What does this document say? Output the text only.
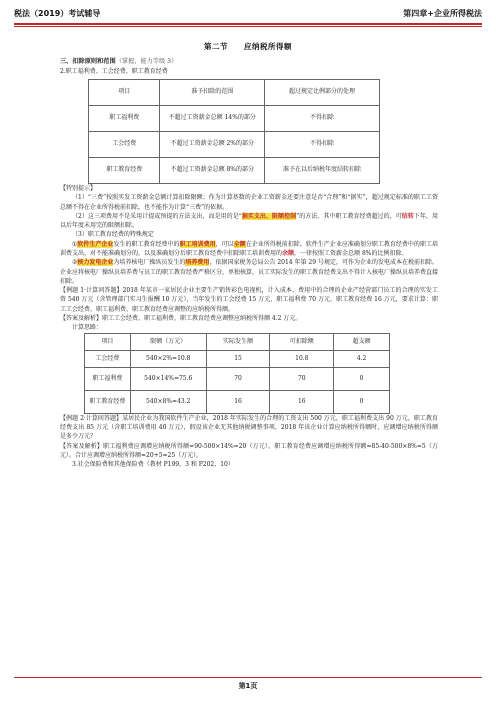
税法（2019）考试辅导	第四章+企业所得税法
第二节　　应纳税所得额
三、扣除原则和范围（掌握，能力等级 3）
2.职工福利费、工会经费、职工教育经费
项目	准予扣除的范围	超过规定比例部分的处理
职工福利费	不超过工资薪金总额 14%的部分	不得扣除
工会经费	不超过工资薪金总额 2%的部分	不得扣除
职工教育经费	不超过工资薪金总额 8%的部分	准予在以后纳税年度结转扣除

【特别提示】

（1）“三费”按照实发工资薪金总额计算扣除限额；作为计算基数的企业工资薪金还要注意是否“合理”和“据实”，超过规定标准的职工工资总额不得在企业所得税前扣除，也不能作为计算“三费”的依据。

（2）这三项费用不是采用计提或预提的方法支出，而是用的是“据实支出、限额控制”的方法。其中职工教育经费超过的，可结转下年，用以后年度未用完的限额扣除。

（3）职工教育经费的特殊规定

①软件生产企业发生的职工教育经费中的职工培训费用，可以全额在企业所得税前扣除。软件生产企业应准确划分职工教育经费中的职工培训费支出，对不能准确划分的，以及准确划分后职工教育经费中扣除职工培训费用的余额，一律按照工资薪金总额 8%的比例扣除。

②核力发电企业为培养核电厂操纵员发生的培养费用，依据国家税务总局公告 2014 年第 29 号规定，可作为企业的发电成本在税前扣除。企业应将核电厂操纵员培养费与员工的职工教育经费严格区分，单独核算，员工实际发生的职工教育经费支出不得计入核电厂操纵员培养费直接扣除。

【例题 1·计算问答题】2018 年某市一家居民企业主要生产销售彩色电视机，计入成本、费用中的合理的企业产经营部门员工的合理的实发工资 540 万元（含管理部门实习生报酬 10 万元），当年发生的工会经费 15 万元、职工福利费 70 万元、职工教育经费 16 万元，要求计算：职工工会经费、职工福利费、职工教育经费应调整的应纳税所得额。

【答案及解析】职工工会经费、职工福利费、职工教育经费应调整应纳税所得额 4.2 万元。

计算思路：

项目	限额（万元）	实际发生额	可扣除额	超支额
工会经费	540×2%=10.8	15	10.8	4.2
职工福利费	540×14%=75.6	70	70	0
职工教育经费	540×8%=43.2	16	16	0

【例题 2·计算问答题】某居民企业为我国软件生产企业，2018 年实际发生的合理的工资支出 500 万元，职工福利费支出 90 万元，职工教育经费支出 85 万元（含职工培训费用 40 万元），假设该企业无其他纳税调整事项，2018 年该企业计算应纳税所得额时，应调增应纳税所得额是多少万元？

【答案及解析】职工福利费应调增应纳税所得额=90-500×14%=20（万元）。职工教育经费应调增应纳税所得额=85-40-500×8%=5（万元）。合计应调增应纳税所得额=20+5=25（万元）。

3.社会保险费和其他保险费（教材 P199，3 和 P202，10）

第1页
